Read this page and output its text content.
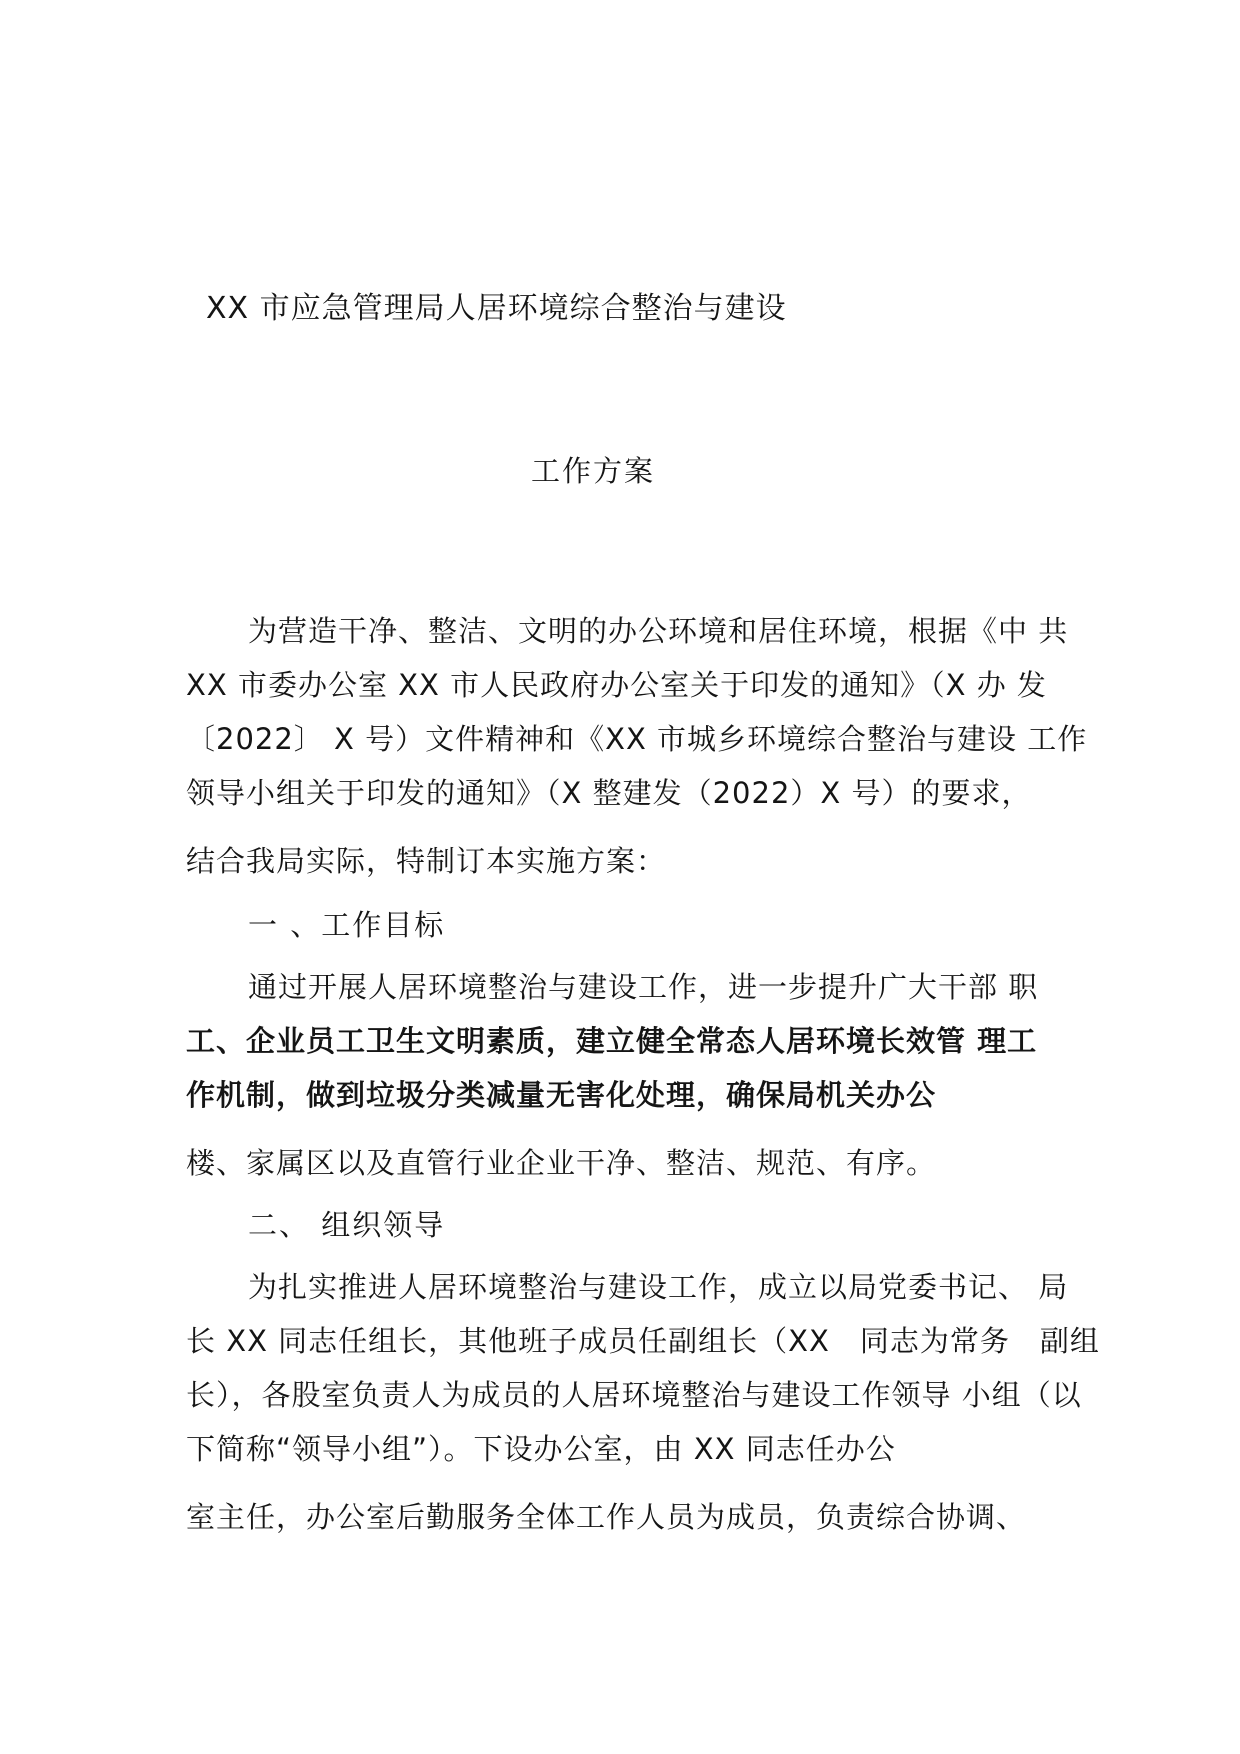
XX 市应急管理局人居环境综合整治与建设

工作方案

为营造干净、整洁、文明的办公环境和居住环境，根据《中 共

XX 市委办公室 XX 市人民政府办公室关于印发的通知》（X 办 发

〔2022〕 X 号）文件精神和《XX 市城乡环境综合整治与建设 工作

领导小组关于印发的通知》（X 整建发（2022）X 号）的要求，

结合我局实际，特制订本实施方案：

一 、工作目标

通过开展人居环境整治与建设工作，进一步提升广大干部 职

工、企业员工卫生文明素质，建立健全常态人居环境长效管 理工

作机制，做到垃圾分类减量无害化处理，确保局机关办公

楼、家属区以及直管行业企业干净、整洁、规范、有序。

二、 组织领导

为扎实推进人居环境整治与建设工作，成立以局党委书记、 局

长 XX 同志任组长，其他班子成员任副组长（XX　同志为常务　副组

长），各股室负责人为成员的人居环境整治与建设工作领导 小组（以

下简称“领导小组”）。下设办公室，由 XX 同志任办公

室主任，办公室后勤服务全体工作人员为成员，负责综合协调、
